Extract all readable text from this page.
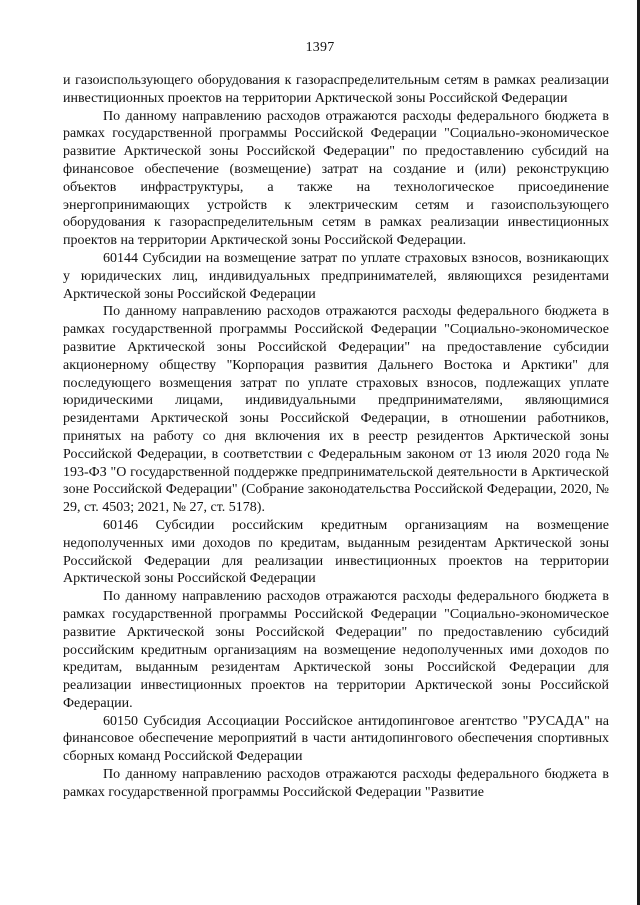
1397

и газоиспользующего оборудования к газораспределительным сетям в рамках реализации инвестиционных проектов на территории Арктической зоны Российской Федерации

По данному направлению расходов отражаются расходы федерального бюджета в рамках государственной программы Российской Федерации "Социально-экономическое развитие Арктической зоны Российской Федерации" по предоставлению субсидий на финансовое обеспечение (возмещение) затрат на создание и (или) реконструкцию объектов инфраструктуры, а также на технологическое присоединение энергопринимающих устройств к электрическим сетям и газоиспользующего оборудования к газораспределительным сетям в рамках реализации инвестиционных проектов на территории Арктической зоны Российской Федерации.

60144 Субсидии на возмещение затрат по уплате страховых взносов, возникающих у юридических лиц, индивидуальных предпринимателей, являющихся резидентами Арктической зоны Российской Федерации

По данному направлению расходов отражаются расходы федерального бюджета в рамках государственной программы Российской Федерации "Социально-экономическое развитие Арктической зоны Российской Федерации" на предоставление субсидии акционерному обществу "Корпорация развития Дальнего Востока и Арктики" для последующего возмещения затрат по уплате страховых взносов, подлежащих уплате юридическими лицами, индивидуальными предпринимателями, являющимися резидентами Арктической зоны Российской Федерации, в отношении работников, принятых на работу со дня включения их в реестр резидентов Арктической зоны Российской Федерации, в соответствии с Федеральным законом от 13 июля 2020 года № 193-ФЗ "О государственной поддержке предпринимательской деятельности в Арктической зоне Российской Федерации" (Собрание законодательства Российской Федерации, 2020, № 29, ст. 4503; 2021, № 27, ст. 5178).

60146 Субсидии российским кредитным организациям на возмещение недополученных ими доходов по кредитам, выданным резидентам Арктической зоны Российской Федерации для реализации инвестиционных проектов на территории Арктической зоны Российской Федерации

По данному направлению расходов отражаются расходы федерального бюджета в рамках государственной программы Российской Федерации "Социально-экономическое развитие Арктической зоны Российской Федерации" по предоставлению субсидий российским кредитным организациям на возмещение недополученных ими доходов по кредитам, выданным резидентам Арктической зоны Российской Федерации для реализации инвестиционных проектов на территории Арктической зоны Российской Федерации.

60150 Субсидия Ассоциации Российское антидопинговое агентство "РУСАДА" на финансовое обеспечение мероприятий в части антидопингового обеспечения спортивных сборных команд Российской Федерации

По данному направлению расходов отражаются расходы федерального бюджета в рамках государственной программы Российской Федерации "Развитие
